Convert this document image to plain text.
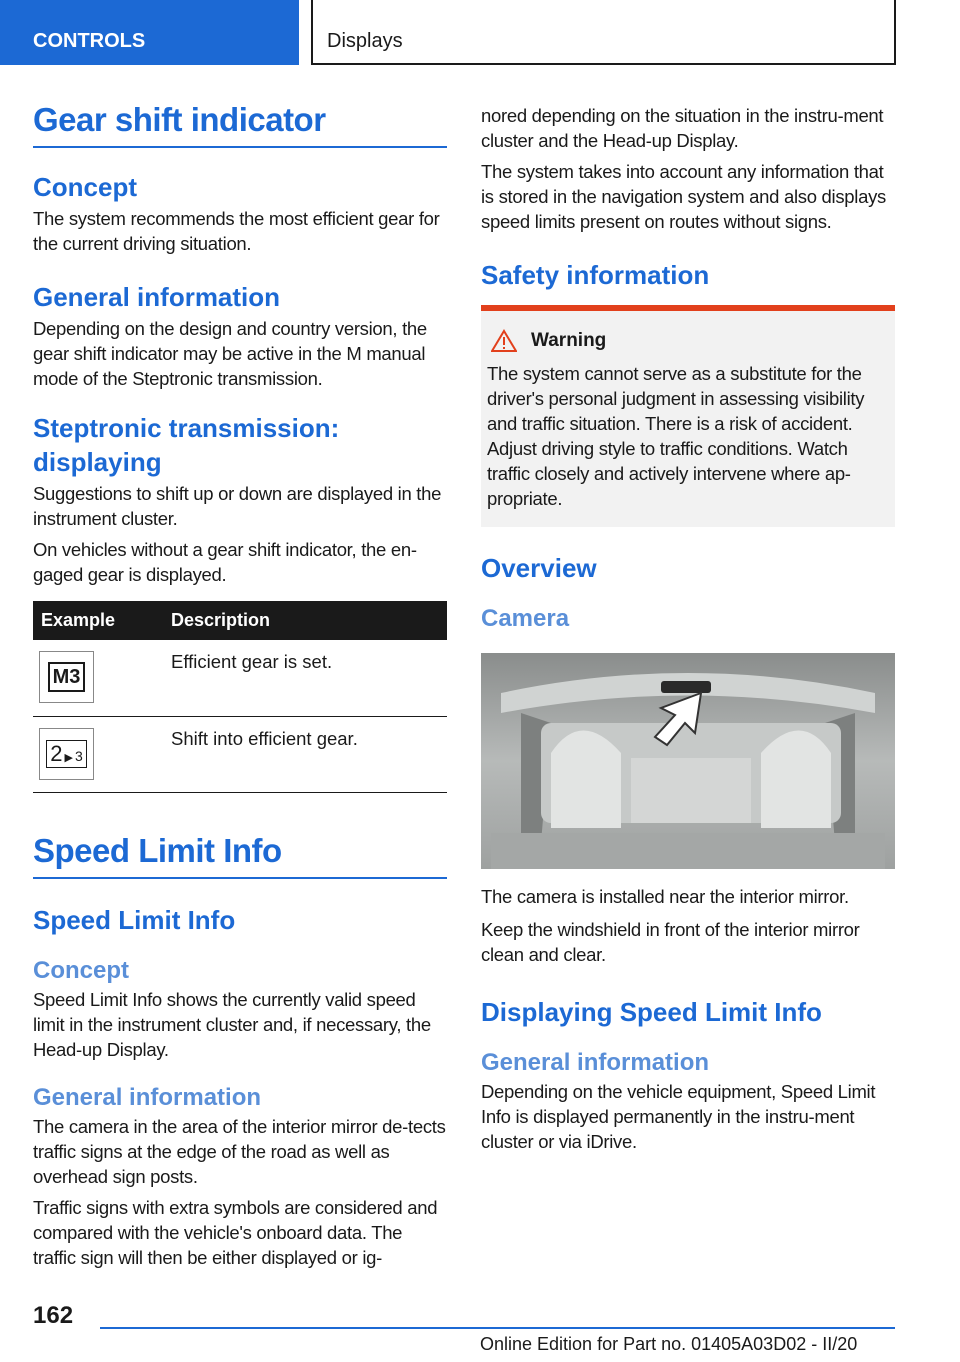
CONTROLS	Displays
Gear shift indicator
Concept
The system recommends the most efficient gear for the current driving situation.
General information
Depending on the design and country version, the gear shift indicator may be active in the M manual mode of the Steptronic transmission.
Steptronic transmission: displaying
Suggestions to shift up or down are displayed in the instrument cluster.
On vehicles without a gear shift indicator, the en‐gaged gear is displayed.
Example	Description

M3	Efficient gear is set.

2 ▶ 3	Shift into efficient gear.
Speed Limit Info
Speed Limit Info
Concept
Speed Limit Info shows the currently valid speed limit in the instrument cluster and, if necessary, the Head-up Display.
General information
The camera in the area of the interior mirror de‐tects traffic signs at the edge of the road as well as overhead sign posts.
Traffic signs with extra symbols are considered and compared with the vehicle's onboard data. The traffic sign will then be either displayed or ig‐
nored depending on the situation in the instru‐ment cluster and the Head-up Display.
The system takes into account any information that is stored in the navigation system and also displays speed limits present on routes without signs.
Safety information
Warning
The system cannot serve as a substitute for the driver's personal judgment in assessing visibility and traffic situation. There is a risk of accident. Adjust driving style to traffic conditions. Watch traffic closely and actively intervene where ap‐propriate.
Overview
Camera
The camera is installed near the interior mirror.
Keep the windshield in front of the interior mirror clean and clear.
Displaying Speed Limit Info
General information
Depending on the vehicle equipment, Speed Limit Info is displayed permanently in the instru‐ment cluster or via iDrive.
162
Online Edition for Part no. 01405A03D02 - II/20
